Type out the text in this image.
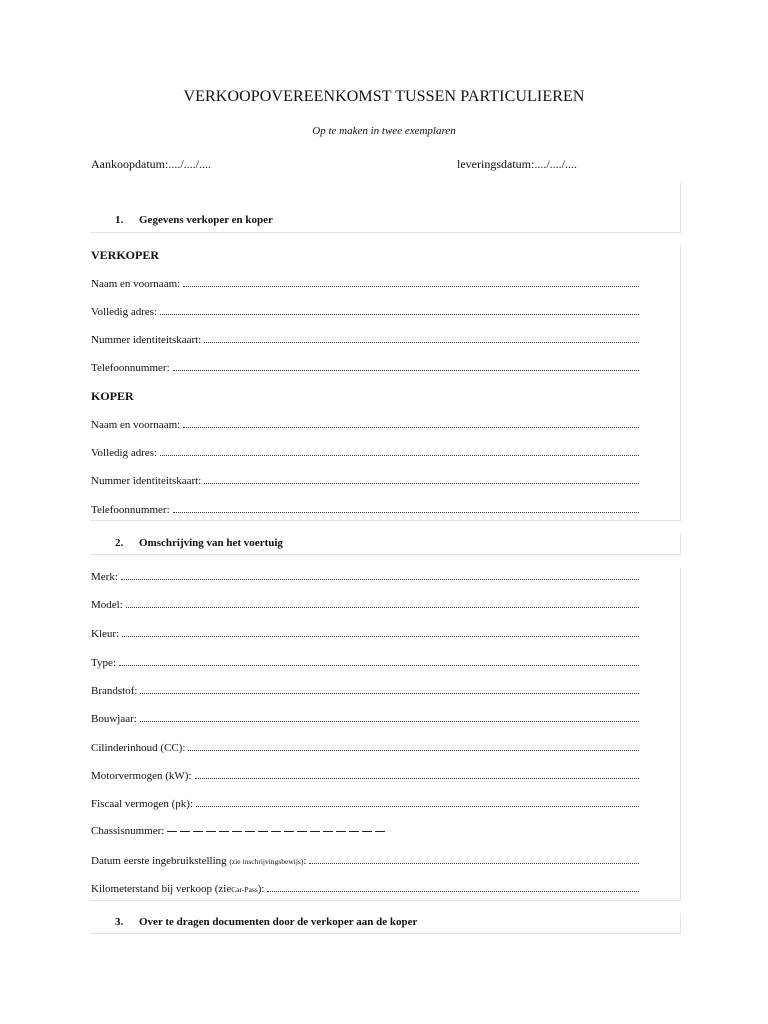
VERKOOPOVEREENKOMST TUSSEN PARTICULIEREN
Op te maken in twee exemplaren
Aankoopdatum:..../..../....	leveringsdatum:..../..../....
1. Gegevens verkoper en koper
VERKOPER
Naam en voornaam:
Volledig adres:
Nummer identiteitskaart:
Telefoonnummer:
KOPER
Naam en voornaam:
Volledig adres:
Nummer identiteitskaart:
Telefoonnummer:
2. Omschrijving van het voertuig
Merk:
Model:
Kleur:
Type:
Brandstof:
Bouwjaar:
Cilinderinhoud (CC):
Motorvermogen (kW):
Fiscaal vermogen (pk):
Chassisnummer:
Datum eerste ingebruikstelling (zie inschrijvingsbewijs):
Kilometerstand bij verkoop (zieCar-Pass):
3. Over te dragen documenten door de verkoper aan de koper
